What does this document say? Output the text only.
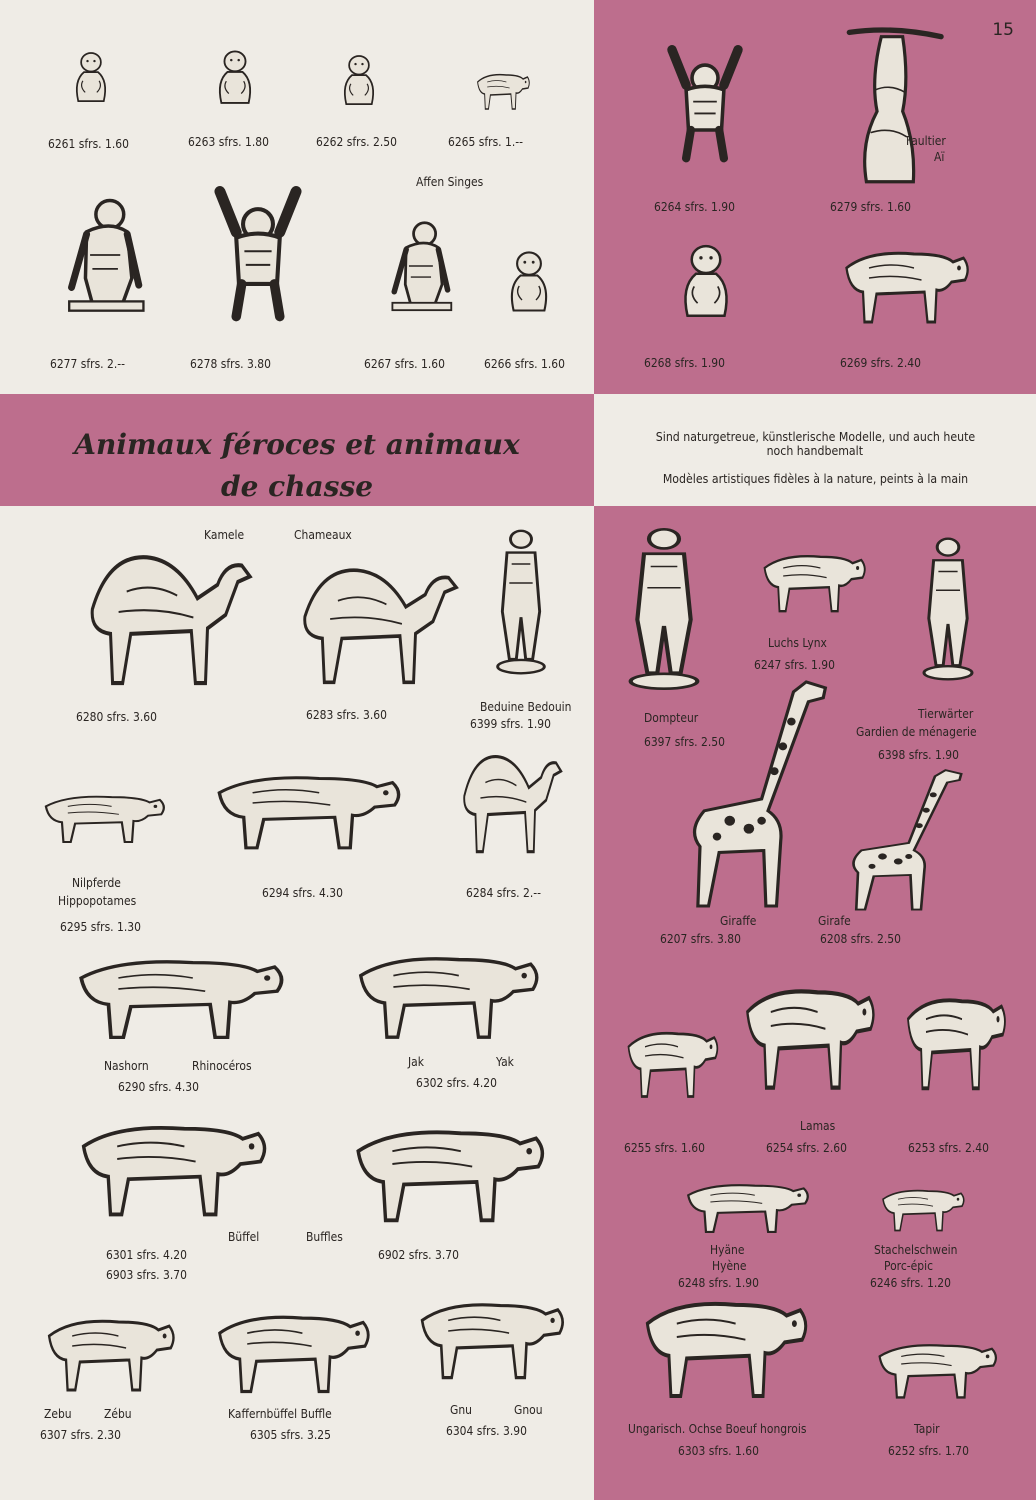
15
Animaux féroces et animaux
de chasse
Sind naturgetreue, künstlerische Modelle, und auch heute
noch handbemalt
Modèles artistiques fidèles à la nature, peints à la main
6261 sfrs. 1.60	6263 sfrs. 1.80	6262 sfrs. 2.50	6265 sfrs. 1.--
Affen Singes
6277 sfrs. 2.--	6278 sfrs. 3.80	6267 sfrs. 1.60	6266 sfrs. 1.60
Faultier
Aï
6264 sfrs. 1.90	6279 sfrs. 1.60
6268 sfrs. 1.90	6269 sfrs. 2.40
Kamele	Chameaux
6280 sfrs. 3.60	6283 sfrs. 3.60
Beduine Bedouin
6399 sfrs. 1.90
Nilpferde
Hippopotames
6295 sfrs. 1.30
6294 sfrs. 4.30	6284 sfrs. 2.--
Nashorn	Rhinocéros
6290 sfrs. 4.30
Jak	Yak
6302 sfrs. 4.20
Büffel	Buffles
6301 sfrs. 4.20
6903 sfrs. 3.70
6902 sfrs. 3.70
Zebu	Zébu
6307 sfrs. 2.30
Kaffernbüffel Buffle
6305 sfrs. 3.25
Gnu	Gnou
6304 sfrs. 3.90
Luchs Lynx
6247 sfrs. 1.90
Dompteur
6397 sfrs. 2.50
Tierwärter
Gardien de ménagerie
6398 sfrs. 1.90
Giraffe	Girafe
6207 sfrs. 3.80	6208 sfrs. 2.50
Lamas
6255 sfrs. 1.60	6254 sfrs. 2.60	6253 sfrs. 2.40
Hyäne
Hyène
6248 sfrs. 1.90
Stachelschwein
Porc-épic
6246 sfrs. 1.20
Ungarisch. Ochse Boeuf hongrois
6303 sfrs. 1.60
Tapir
6252 sfrs. 1.70
